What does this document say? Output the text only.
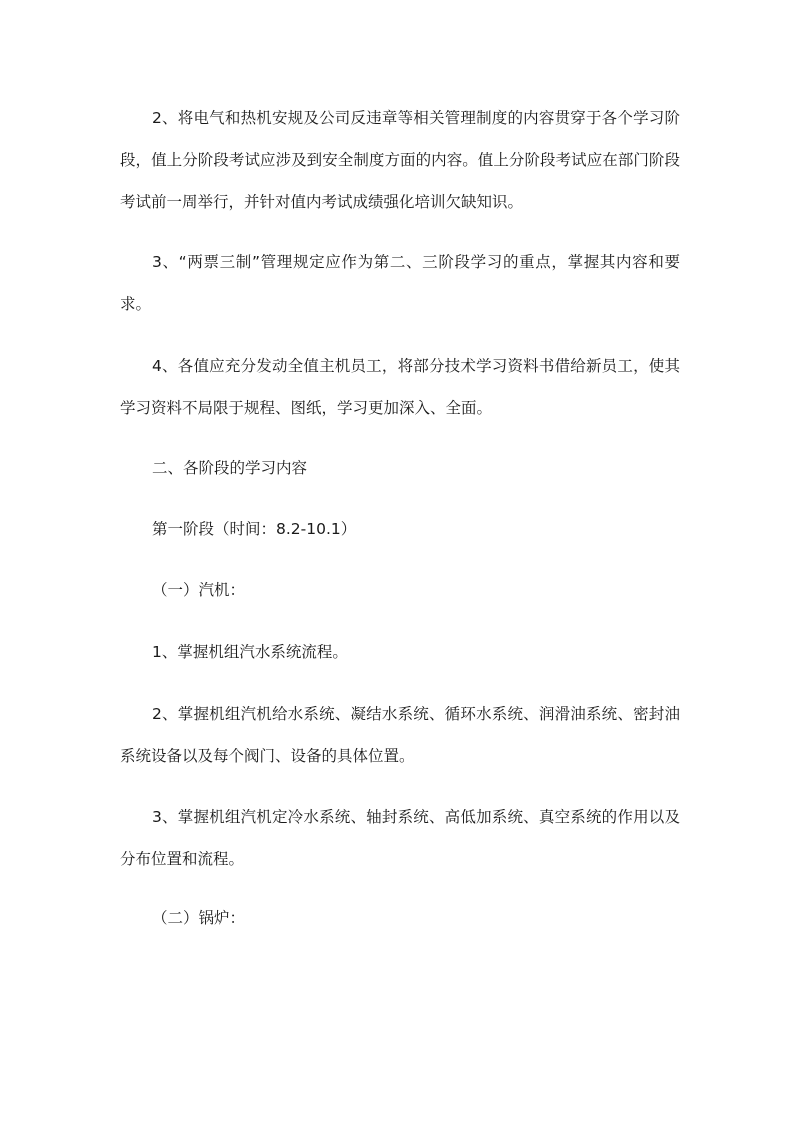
2、将电气和热机安规及公司反违章等相关管理制度的内容贯穿于各个学习阶段，值上分阶段考试应涉及到安全制度方面的内容。值上分阶段考试应在部门阶段考试前一周举行，并针对值内考试成绩强化培训欠缺知识。

3、“两票三制”管理规定应作为第二、三阶段学习的重点，掌握其内容和要求。

4、各值应充分发动全值主机员工，将部分技术学习资料书借给新员工，使其学习资料不局限于规程、图纸，学习更加深入、全面。

二、各阶段的学习内容

第一阶段（时间：8.2-10.1）

（一）汽机：

1、掌握机组汽水系统流程。

2、掌握机组汽机给水系统、凝结水系统、循环水系统、润滑油系统、密封油系统设备以及每个阀门、设备的具体位置。

3、掌握机组汽机定冷水系统、轴封系统、高低加系统、真空系统的作用以及分布位置和流程。

（二）锅炉：
